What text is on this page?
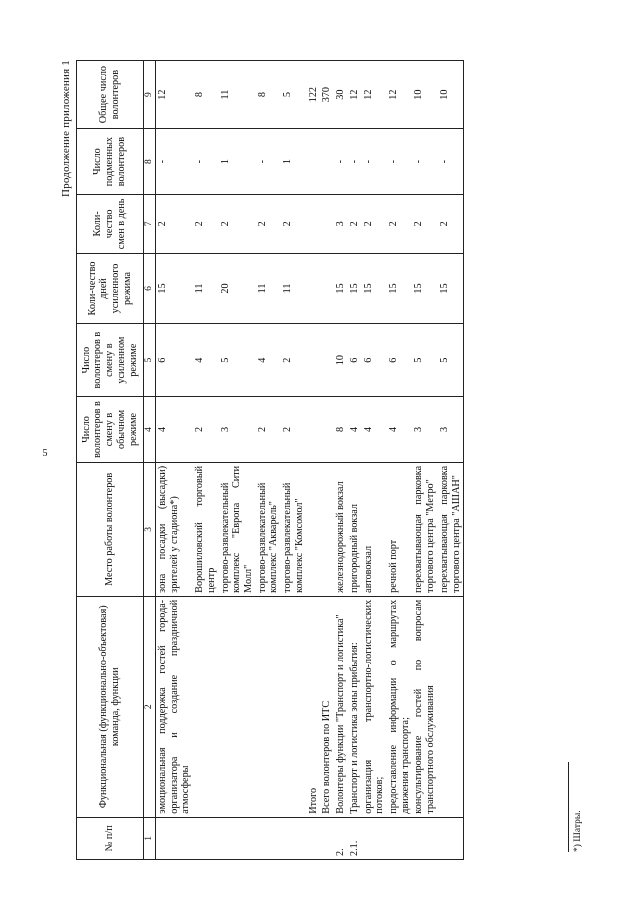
5
Продолжение приложения 1
№ п/п	Функциональная (функционально-объектовая) команда, функции	Место работы волонтеров	Число волонтеров в смену в обычном режиме	Число волонтеров в смену в усиленном режиме	Коли-чество дней усиленного режима	Коли-чество смен в день	Число подменных волонтеров	Общее число волонтеров
1	2	3	4	5	6	7	8	9
	эмоциональная поддержка гостей города-организатора и создание праздничной атмосферы	зона посадки (высадки) зрителей у стадиона*)	4	6	15	2	-	12
		Ворошиловский торговый центр	2	4	11	2	-	8
		торгово-развлекательный комплекс "Европа Сити Молл"	3	5	20	2	1	11
		торгово-развлекательный комплекс "Акварель"	2	4	11	2	-	8
		торгово-развлекательный комплекс "Комсомол"	2	2	11	2	1	5
	Итого							122
	Всего волонтеров по ИТС							370
2.	Волонтеры функции "Транспорт и логистика"	железнодорожный вокзал	8	10	15	3	-	30
2.1.	Транспорт и логистика зоны прибытия:	пригородный вокзал	4	6	15	2	-	12
	организация транспортно-логистических потоков;	автовокзал	4	6	15	2	-	12
	предоставление информации о маршрутах движения транспорта;	речной порт	4	6	15	2	-	12
	консультирование гостей по вопросам транспортного обслуживания	перехватывающая парковка торгового центра "Метро"	3	5	15	2	-	10
		перехватывающая парковка торгового центра "АШАН"	3	5	15	2	-	10
*) Шатры.
